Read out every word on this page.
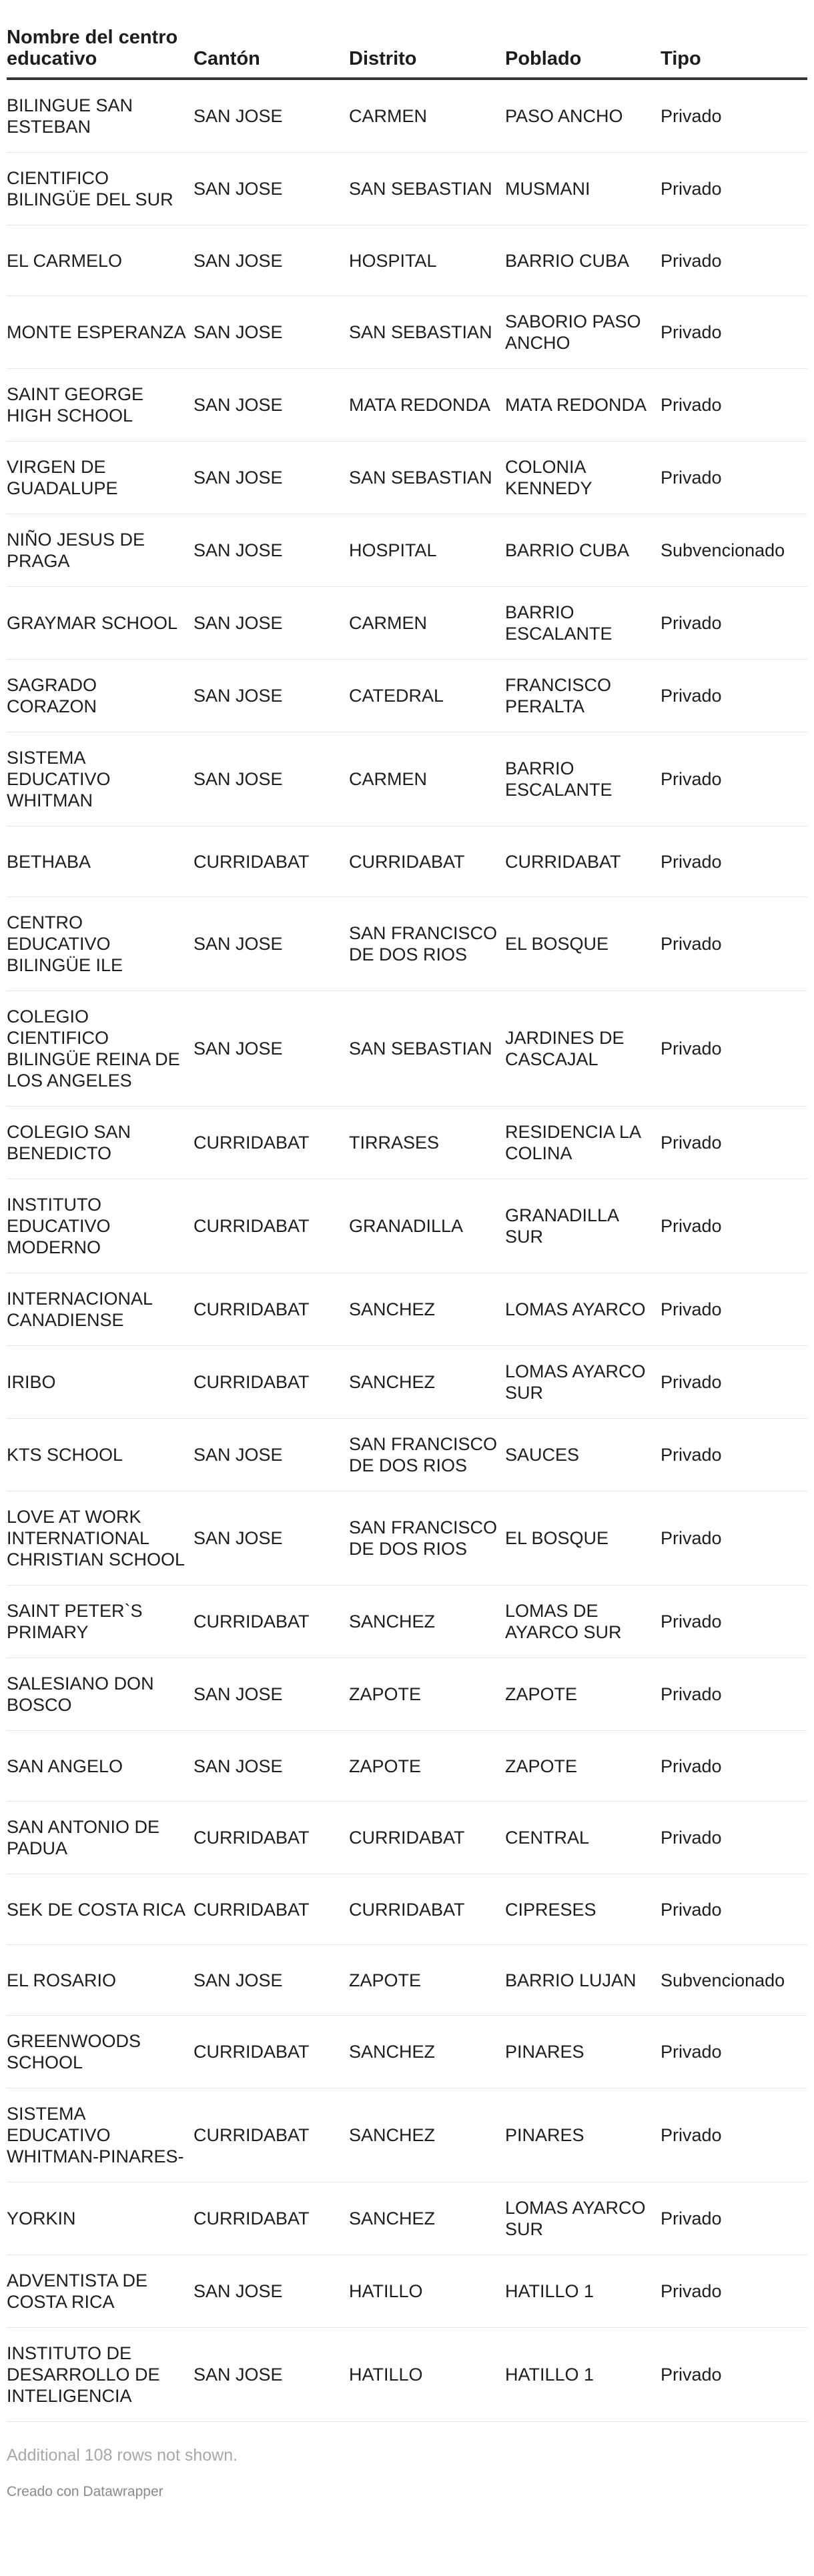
Nombre del centro educativo	Cantón	Distrito	Poblado	Tipo
BILINGUE SAN ESTEBAN	SAN JOSE	CARMEN	PASO ANCHO	Privado
CIENTIFICO BILINGÜE DEL SUR	SAN JOSE	SAN SEBASTIAN	MUSMANI	Privado
EL CARMELO	SAN JOSE	HOSPITAL	BARRIO CUBA	Privado
MONTE ESPERANZA	SAN JOSE	SAN SEBASTIAN	SABORIO PASO ANCHO	Privado
SAINT GEORGE HIGH SCHOOL	SAN JOSE	MATA REDONDA	MATA REDONDA	Privado
VIRGEN DE GUADALUPE	SAN JOSE	SAN SEBASTIAN	COLONIA KENNEDY	Privado
NIÑO JESUS DE PRAGA	SAN JOSE	HOSPITAL	BARRIO CUBA	Subvencionado
GRAYMAR SCHOOL	SAN JOSE	CARMEN	BARRIO ESCALANTE	Privado
SAGRADO CORAZON	SAN JOSE	CATEDRAL	FRANCISCO PERALTA	Privado
SISTEMA EDUCATIVO WHITMAN	SAN JOSE	CARMEN	BARRIO ESCALANTE	Privado
BETHABA	CURRIDABAT	CURRIDABAT	CURRIDABAT	Privado
CENTRO EDUCATIVO BILINGÜE ILE	SAN JOSE	SAN FRANCISCO DE DOS RIOS	EL BOSQUE	Privado
COLEGIO CIENTIFICO BILINGÜE REINA DE LOS ANGELES	SAN JOSE	SAN SEBASTIAN	JARDINES DE CASCAJAL	Privado
COLEGIO SAN BENEDICTO	CURRIDABAT	TIRRASES	RESIDENCIA LA COLINA	Privado
INSTITUTO EDUCATIVO MODERNO	CURRIDABAT	GRANADILLA	GRANADILLA SUR	Privado
INTERNACIONAL CANADIENSE	CURRIDABAT	SANCHEZ	LOMAS AYARCO	Privado
IRIBO	CURRIDABAT	SANCHEZ	LOMAS AYARCO SUR	Privado
KTS SCHOOL	SAN JOSE	SAN FRANCISCO DE DOS RIOS	SAUCES	Privado
LOVE AT WORK INTERNATIONAL CHRISTIAN SCHOOL	SAN JOSE	SAN FRANCISCO DE DOS RIOS	EL BOSQUE	Privado
SAINT PETER`S PRIMARY	CURRIDABAT	SANCHEZ	LOMAS DE AYARCO SUR	Privado
SALESIANO DON BOSCO	SAN JOSE	ZAPOTE	ZAPOTE	Privado
SAN ANGELO	SAN JOSE	ZAPOTE	ZAPOTE	Privado
SAN ANTONIO DE PADUA	CURRIDABAT	CURRIDABAT	CENTRAL	Privado
SEK DE COSTA RICA	CURRIDABAT	CURRIDABAT	CIPRESES	Privado
EL ROSARIO	SAN JOSE	ZAPOTE	BARRIO LUJAN	Subvencionado
GREENWOODS SCHOOL	CURRIDABAT	SANCHEZ	PINARES	Privado
SISTEMA EDUCATIVO WHITMAN-PINARES-	CURRIDABAT	SANCHEZ	PINARES	Privado
YORKIN	CURRIDABAT	SANCHEZ	LOMAS AYARCO SUR	Privado
ADVENTISTA DE COSTA RICA	SAN JOSE	HATILLO	HATILLO 1	Privado
INSTITUTO DE DESARROLLO DE INTELIGENCIA	SAN JOSE	HATILLO	HATILLO 1	Privado
Additional 108 rows not shown.
Creado con Datawrapper
